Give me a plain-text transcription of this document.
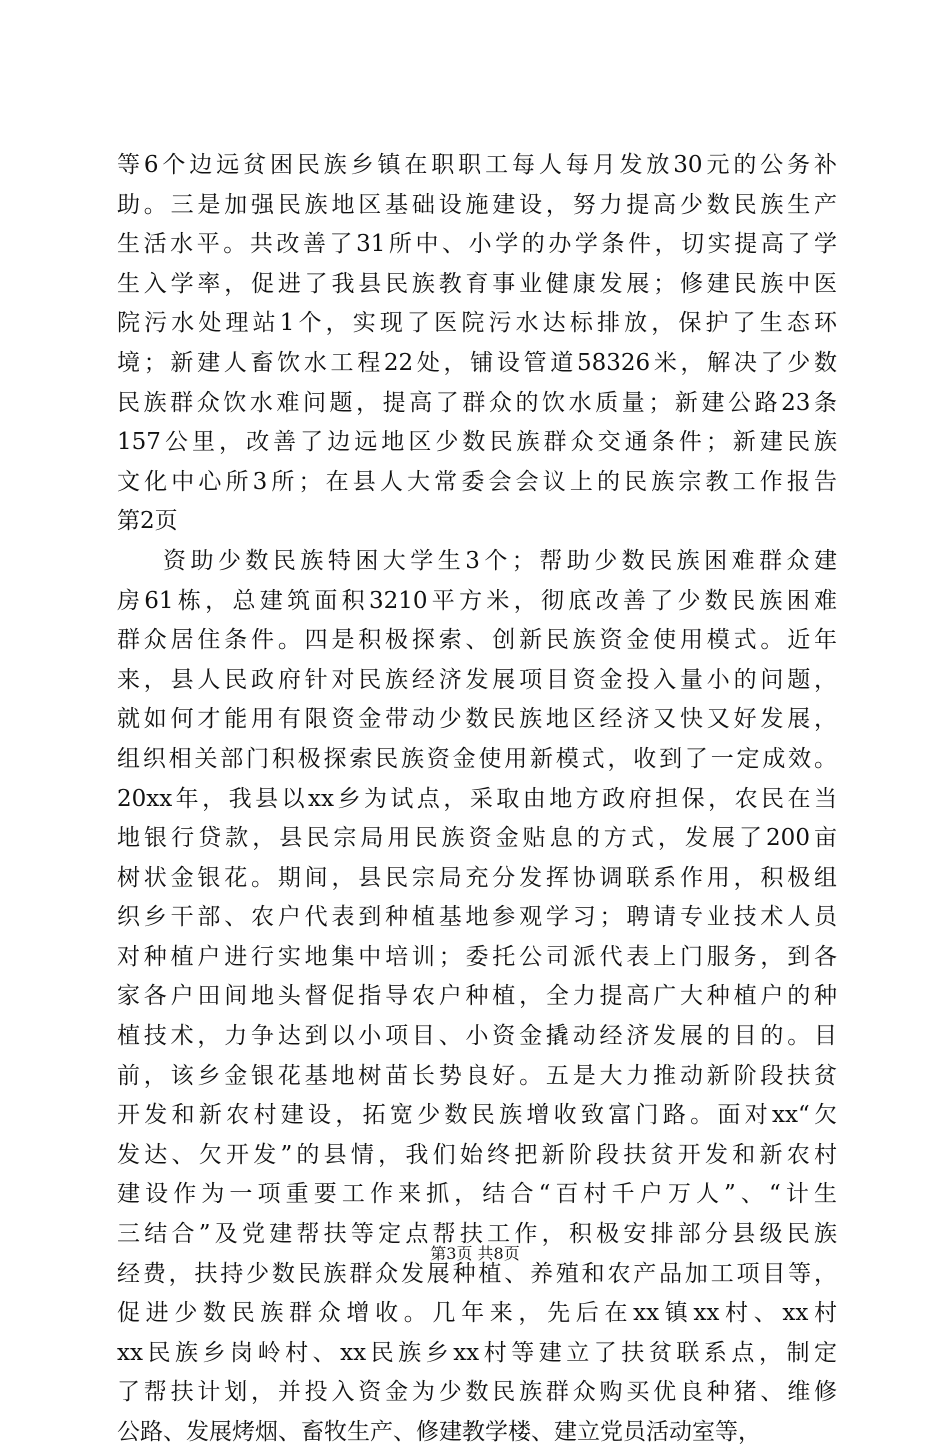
等6个边远贫困民族乡镇在职职工每人每月发放30元的公务补
助。三是加强民族地区基础设施建设，努力提高少数民族生产
生活水平。共改善了31所中、小学的办学条件，切实提高了学
生入学率，促进了我县民族教育事业健康发展；修建民族中医
院污水处理站1个，实现了医院污水达标排放，保护了生态环
境；新建人畜饮水工程22处，铺设管道58326米，解决了少数
民族群众饮水难问题，提高了群众的饮水质量；新建公路23条
157公里，改善了边远地区少数民族群众交通条件；新建民族
文化中心所3所；在县人大常委会会议上的民族宗教工作报告
第2页
资助少数民族特困大学生3个；帮助少数民族困难群众建
房61栋，总建筑面积3210平方米，彻底改善了少数民族困难
群众居住条件。四是积极探索、创新民族资金使用模式。近年
来，县人民政府针对民族经济发展项目资金投入量小的问题，
就如何才能用有限资金带动少数民族地区经济又快又好发展，
组织相关部门积极探索民族资金使用新模式，收到了一定成效。
20xx年，我县以xx乡为试点，采取由地方政府担保，农民在当
地银行贷款，县民宗局用民族资金贴息的方式，发展了200亩
树状金银花。期间，县民宗局充分发挥协调联系作用，积极组
织乡干部、农户代表到种植基地参观学习；聘请专业技术人员
对种植户进行实地集中培训；委托公司派代表上门服务，到各
家各户田间地头督促指导农户种植，全力提高广大种植户的种
植技术，力争达到以小项目、小资金撬动经济发展的目的。目
前，该乡金银花基地树苗长势良好。五是大力推动新阶段扶贫
开发和新农村建设，拓宽少数民族增收致富门路。面对xx“欠
发达、欠开发”的县情，我们始终把新阶段扶贫开发和新农村
建设作为一项重要工作来抓，结合“百村千户万人”、“计生
三结合”及党建帮扶等定点帮扶工作，积极安排部分县级民族
经费，扶持少数民族群众发展种植、养殖和农产品加工项目等，
促进少数民族群众增收。几年来，先后在xx镇xx村、xx村
xx民族乡岗岭村、xx民族乡xx村等建立了扶贫联系点，制定
了帮扶计划，并投入资金为少数民族群众购买优良种猪、维修
公路、发展烤烟、畜牧生产、修建教学楼、建立党员活动室等，
第3页 共8页
